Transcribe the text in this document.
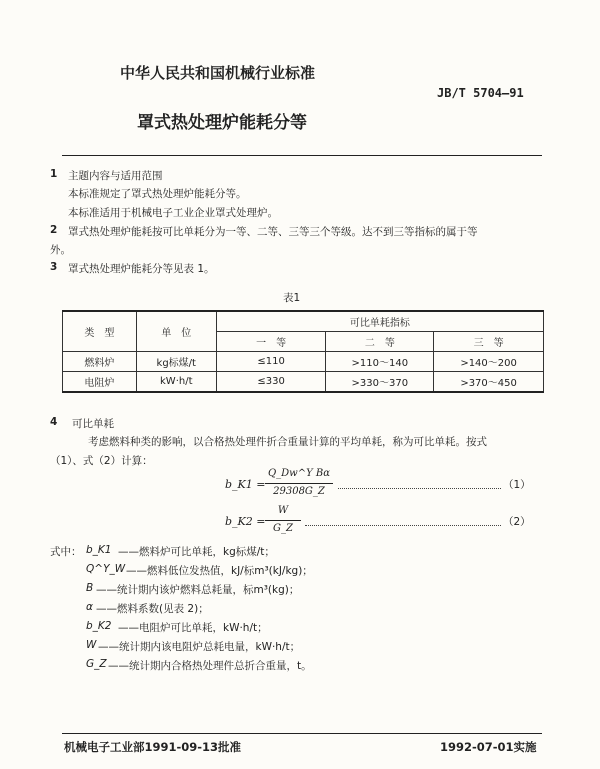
中华人民共和国机械行业标准
JB/T 5704—91
罩式热处理炉能耗分等
1 主题内容与适用范围
本标准规定了罩式热处理炉能耗分等。
本标准适用于机械电子工业企业罩式处理炉。
2 罩式热处理炉能耗按可比单耗分为一等、二等、三等三个等级。达不到三等指标的属于等
外。
3 罩式热处理炉能耗分等见表 1。
表1
类　型	单　位	可比单耗指标		
		一　等	二　等	三　等
燃料炉	kg标煤/t	≤110	>110～140	>140～200
电阻炉	kW·h/t	≤330	>330～370	>370～450
4 可比单耗
考虑燃料种类的影响，以合格热处理件折合重量计算的平均单耗，称为可比单耗。按式
（1）、式（2）计算：
b_K1 =
Q_Dw^Y Bα
29308G_Z
（1）
b_K2 =
W
G_Z
（2）
式中： b_K1 ——燃料炉可比单耗，kg标煤/t；
Q^Y_W ——燃料低位发热值，kJ/标m³(kJ/kg)；
B ——统计期内该炉燃料总耗量，标m³(kg)；
α ——燃料系数(见表 2)；
b_K2 ——电阻炉可比单耗，kW·h/t；
W ——统计期内该电阻炉总耗电量，kW·h/t；
G_Z ——统计期内合格热处理件总折合重量，t。
机械电子工业部1991-09-13批准	1992-07-01实施
